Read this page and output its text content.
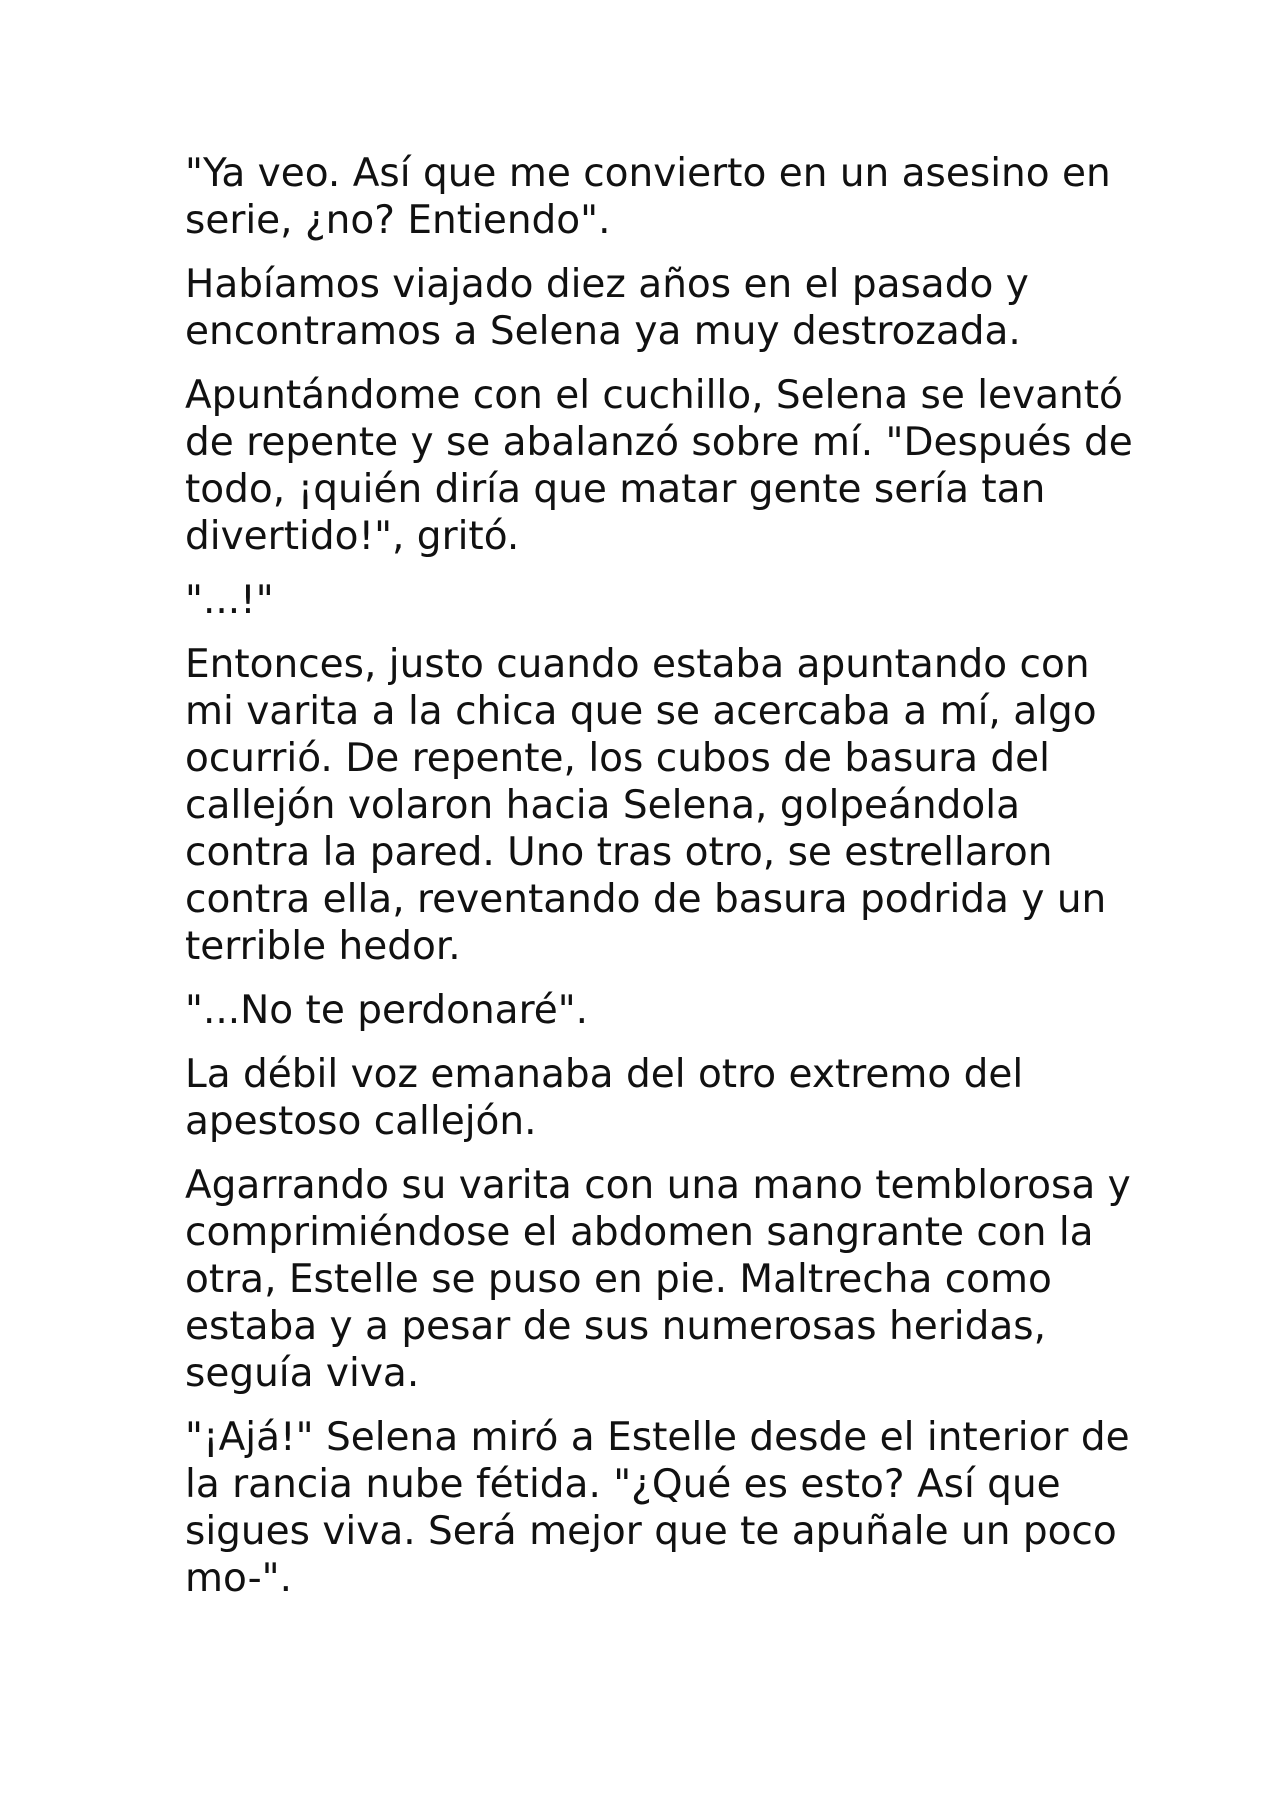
"Ya veo. Así que me convierto en un asesino en serie, ¿no? Entiendo".

Habíamos viajado diez años en el pasado y encontramos a Selena ya muy destrozada.

Apuntándome con el cuchillo, Selena se levantó de repente y se abalanzó sobre mí. "Después de todo, ¡quién diría que matar gente sería tan divertido!", gritó.

"...!"

Entonces, justo cuando estaba apuntando con mi varita a la chica que se acercaba a mí, algo ocurrió. De repente, los cubos de basura del callejón volaron hacia Selena, golpeándola contra la pared. Uno tras otro, se estrellaron contra ella, reventando de basura podrida y un terrible hedor.

"...No te perdonaré".

La débil voz emanaba del otro extremo del apestoso callejón.

Agarrando su varita con una mano temblorosa y comprimiéndose el abdomen sangrante con la otra, Estelle se puso en pie. Maltrecha como estaba y a pesar de sus numerosas heridas, seguía viva.

"¡Ajá!" Selena miró a Estelle desde el interior de la rancia nube fétida. "¿Qué es esto? Así que sigues viva. Será mejor que te apuñale un poco mo-".
